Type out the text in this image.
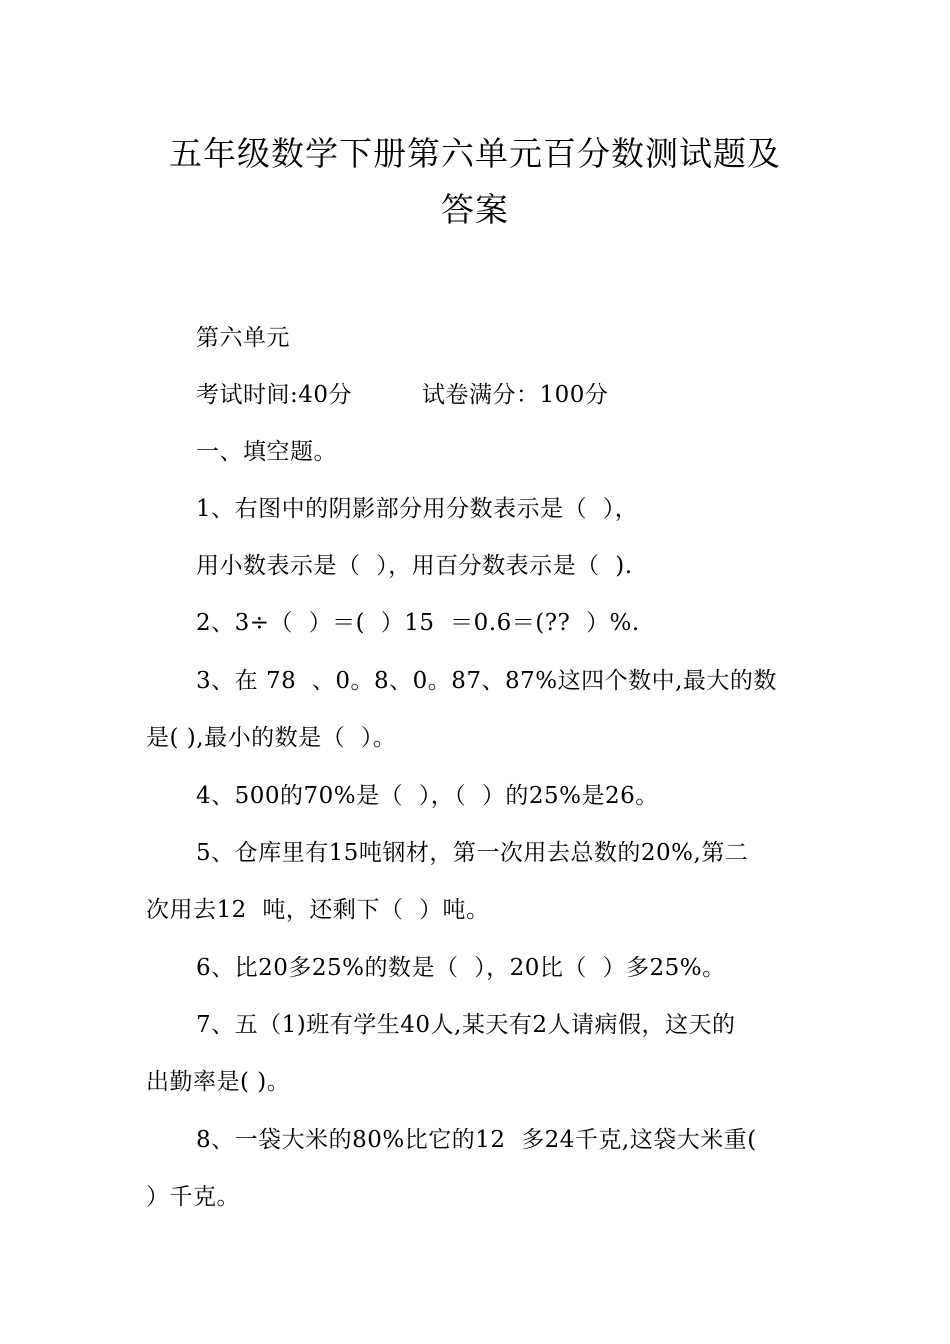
五年级数学下册第六单元百分数测试题及
答案
第六单元
考试时间:40分	试卷满分：100分
一、填空题。
1、右图中的阴影部分用分数表示是（  ），
用小数表示是（  ），用百分数表示是（  ).
2、3÷（  ）＝(  ）15  ＝0.6＝(??  ）%.
3、在 78  、0。8、0。87、87%这四个数中,最大的数
是( ),最小的数是（  ）。
4、500的70%是（  ），（  ）的25%是26。
5、仓库里有15吨钢材，第一次用去总数的20%,第二
次用去12  吨，还剩下（  ）吨。
6、比20多25%的数是（  ），20比（  ）多25%。
7、五（1)班有学生40人,某天有2人请病假，这天的
出勤率是( )。
8、一袋大米的80%比它的12  多24千克,这袋大米重(
）千克。
